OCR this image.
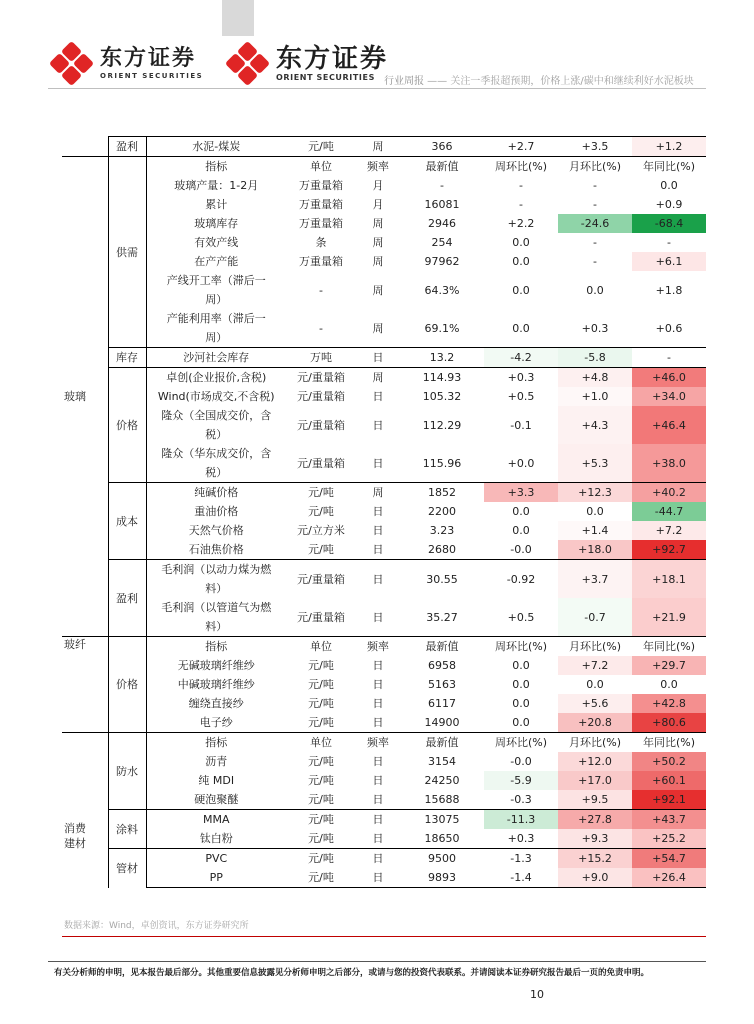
东方证券
ORIENT SECURITIES
东方证券
ORIENT SECURITIES 行业周报 —— 关注一季报超预期，价格上涨/碳中和继续利好水泥板块
	盈利	水泥-煤炭	元/吨	周	366	+2.7	+3.5	+1.2
玻璃	供需	指标	单位	频率	最新值	周环比(%)	月环比(%)	年同比(%)
		玻璃产量：1-2月	万重量箱	月	-	-	-	0.0
		累计	万重量箱	月	16081	-	-	+0.9
		玻璃库存	万重量箱	周	2946	+2.2	-24.6	-68.4
		有效产线	条	周	254	0.0	-	-
		在产产能	万重量箱	周	97962	0.0	-	+6.1
		产线开工率（滞后一周）	-	周	64.3%	0.0	0.0	+1.8
		产能利用率（滞后一周）	-	周	69.1%	0.0	+0.3	+0.6
	库存	沙河社会库存	万吨	日	13.2	-4.2	-5.8	-
	价格	卓创(企业报价,含税)	元/重量箱	周	114.93	+0.3	+4.8	+46.0
		Wind(市场成交,不含税)	元/重量箱	日	105.32	+0.5	+1.0	+34.0
		隆众（全国成交价，含税）	元/重量箱	日	112.29	-0.1	+4.3	+46.4
		隆众（华东成交价，含税）	元/重量箱	日	115.96	+0.0	+5.3	+38.0
	成本	纯碱价格	元/吨	周	1852	+3.3	+12.3	+40.2
		重油价格	元/吨	日	2200	0.0	0.0	-44.7
		天然气价格	元/立方米	日	3.23	0.0	+1.4	+7.2
		石油焦价格	元/吨	日	2680	-0.0	+18.0	+92.7
	盈利	毛利润（以动力煤为燃料）	元/重量箱	日	30.55	-0.92	+3.7	+18.1
		毛利润（以管道气为燃料）	元/重量箱	日	35.27	+0.5	-0.7	+21.9
玻纤	价格	指标	单位	频率	最新值	周环比(%)	月环比(%)	年同比(%)
		无碱玻璃纤维纱	元/吨	日	6958	0.0	+7.2	+29.7
		中碱玻璃纤维纱	元/吨	日	5163	0.0	0.0	0.0
		缠绕直接纱	元/吨	日	6117	0.0	+5.6	+42.8
		电子纱	元/吨	日	14900	0.0	+20.8	+80.6

消费
建材	防水	指标	单位	频率	最新值	周环比(%)	月环比(%)	年同比(%)
		沥青	元/吨	日	3154	-0.0	+12.0	+50.2
		纯 MDI	元/吨	日	24250	-5.9	+17.0	+60.1
		硬泡聚醚	元/吨	日	15688	-0.3	+9.5	+92.1
	涂料	MMA	元/吨	日	13075	-11.3	+27.8	+43.7
		钛白粉	元/吨	日	18650	+0.3	+9.3	+25.2
	管材	PVC	元/吨	日	9500	-1.3	+15.2	+54.7
		PP	元/吨	日	9893	-1.4	+9.0	+26.4
数据来源：Wind，卓创资讯，东方证券研究所
有关分析师的申明，见本报告最后部分。其他重要信息披露见分析师申明之后部分，或请与您的投资代表联系。并请阅读本证券研究报告最后一页的免责申明。
10
